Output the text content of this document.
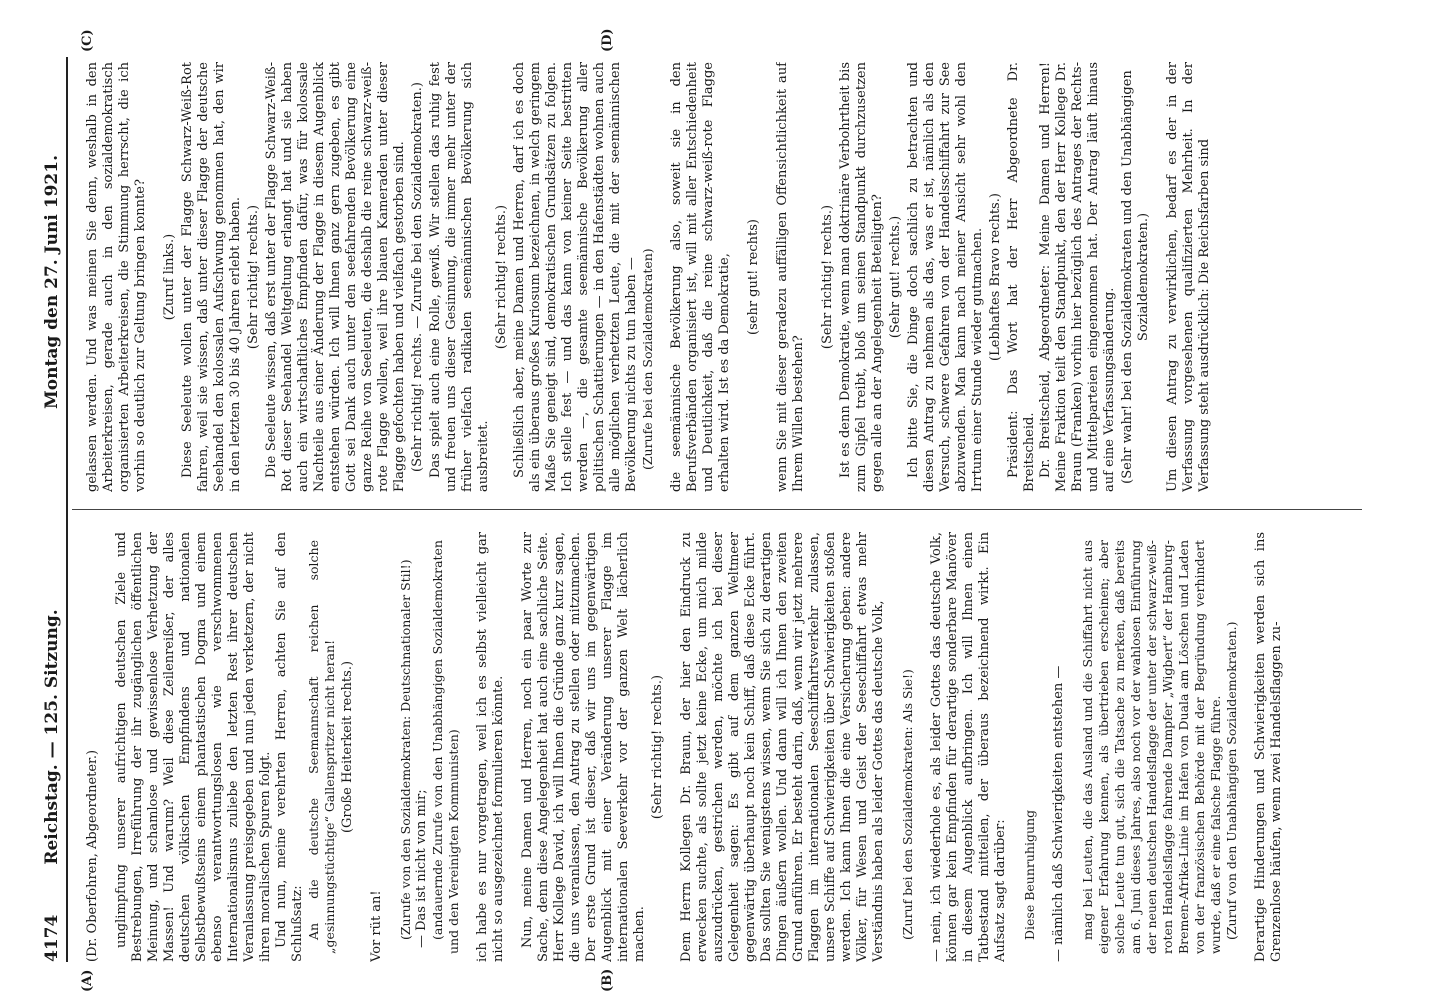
4174
Reichstag. — 125. Sitzung.
Montag den 27. Juni 1921.
(A)	(B)
(C)	(D)

(Dr. Oberfohren, Abgeordneter.) unglimpfung unserer aufrichtigen deutschen Ziele und Bestrebungen, Irreführung der ihr zugänglichen öffentlichen Meinung, und schamlose und gewissenlose Verhetzung der Massen! Und warum? Weil diese Zeilenreißer, der alles deutschen völkischen Empfindens und nationalen Selbstbewußtseins einem phantastischen Dogma und einem ebenso verantwortungslosen wie verschwommenen Internationalismus zuliebe den letzten Rest ihrer deutschen Veranlassung preisgegeben und nun jeden verketzern, der nicht ihren moralischen Spuren folgt. Und nun, meine verehrten Herren, achten Sie auf den Schlußsatz: An die deutsche Seemannschaft reichen solche „gesinnungstüchtige“ Gallenspritzer nicht heran! (Große Heiterkeit rechts.)

Vor rüt an! (Zurufe von den Sozialdemokraten: Deutschnationaler Stil!) — Das ist nicht von mir; (andauernde Zurufe von den Unabhängigen Sozialdemokraten und den Vereinigten Kommunisten) ich habe es nur vorgetragen, weil ich es selbst vielleicht gar nicht so ausgezeichnet formulieren könnte. Nun, meine Damen und Herren, noch ein paar Worte zur Sache, denn diese Angelegenheit hat auch eine sachliche Seite. Herr Kollege David, ich will Ihnen die Gründe ganz kurz sagen, die uns veranlassen, den Antrag zu stellen oder mitzumachen. Der erste Grund ist dieser, daß wir uns im gegenwärtigen Augenblick mit einer Veränderung unserer Flagge im internationalen Seeverkehr vor der ganzen Welt lächerlich machen.

(Sehr richtig! rechts.) Dem Herrn Kollegen Dr. Braun, der hier den Eindruck zu erwecken suchte, als sollte jetzt keine Ecke, um mich milde auszudrücken, gestrichen werden, möchte ich bei dieser Gelegenheit sagen: Es gibt auf dem ganzen Weltmeer gegenwärtig überhaupt noch kein Schiff, daß diese Ecke führt. Das sollten Sie wenigstens wissen, wenn Sie sich zu derartigen Dingen äußern wollen. Und dann will ich Ihnen den zweiten Grund anführen. Er besteht darin, daß, wenn wir jetzt mehrere Flaggen im internationalen Seeschiffahrtsverkehr zulassen, unsere Schiffe auf Schwierigkeiten über Schwierigkeiten stoßen werden. Ich kann Ihnen die eine Versicherung geben: andere Völker, für Wesen und Geist der Seeschiffahrt etwas mehr Verständnis haben als leider Gottes das deutsche Volk, (Zuruf bei den Sozialdemokraten: Als Sie!) — nein, ich wiederhole es, als leider Gottes das deutsche Volk, können gar kein Empfinden für derartige sonderbare Manöver in diesem Augenblick aufbringen. Ich will Ihnen einen Tatbestand mitteilen, der überaus bezeichnend wirkt. Ein Aufsatz sagt darüber: Diese Beunruhigung — nämlich daß Schwierigkeiten entstehen — mag bei Leuten, die das Ausland und die Schiffahrt nicht aus eigener Erfahrung kennen, als übertrieben erscheinen; aber solche Leute tun gut, sich die Tatsache zu merken, daß bereits am 6. Juni dieses Jahres, also noch vor der wahlosen Einführung der neuen deutschen Handelsflagge der unter der schwarz-weiß-roten Handelsflagge fahrende Dampfer „Wigbert“ der Hamburg-Bremen-Afrika-Linie im Hafen von Duala am Löschen und Laden von der französischen Behörde mit der Begründung verhindert wurde, daß er eine falsche Flagge führe. (Zuruf von den Unabhängigen Sozialdemokraten.) Derartige Hinderungen und Schwierigkeiten werden sich ins Grenzenlose häufen, wenn zwei Handelsflaggen zu-

gelassen werden. Und was meinen Sie denn, weshalb in den Arbeiterkreisen, gerade auch in den sozialdemokratisch organisierten Arbeiterkreisen, die Stimmung herrscht, die ich vorhin so deutlich zur Geltung bringen konnte? (Zuruf links.) Diese Seeleute wollen unter der Flagge Schwarz-Weiß-Rot fahren, weil sie wissen, daß unter dieser Flagge der deutsche Seehandel den kolossalen Aufschwung genommen hat, den wir in den letzten 30 bis 40 Jahren erlebt haben. (Sehr richtig! rechts.) Die Seeleute wissen, daß erst unter der Flagge Schwarz-Weiß-Rot dieser Seehandel Weltgeltung erlangt hat und sie haben auch ein wirtschaftliches Empfinden dafür, was für kolossale Nachteile aus einer Änderung der Flagge in diesem Augenblick entstehen würden. Ich will Ihnen ganz gern zugeben, es gibt Gott sei Dank auch unter den seefahrenden Bevölkerung eine ganze Reihe von Seeleuten, die deshalb die reine schwarz-weiß-rote Flagge wollen, weil ihre blauen Kameraden unter dieser Flagge gefochten haben und vielfach gestorben sind. (Sehr richtig! rechts. — Zurufe bei den Sozialdemokraten.) Das spielt auch eine Rolle, gewiß. Wir stellen das ruhig fest und freuen uns dieser Gesinnung, die immer mehr unter der früher vielfach radikalen seemännischen Bevölkerung sich ausbreitet.

(Sehr richtig! rechts.) Schließlich aber, meine Damen und Herren, darf ich es doch als ein überaus großes Kuriosum bezeichnen, in welch geringem Maße Sie geneigt sind, demokratischen Grundsätzen zu folgen. Ich stelle fest — und das kann von keiner Seite bestritten werden —, die gesamte seemännische Bevölkerung aller politischen Schattierungen — in den Hafenstädten wohnen auch alle möglichen verhetzten Leute, die mit der seemännischen Bevölkerung nichts zu tun haben — (Zurufe bei den Sozialdemokraten) die seemännische Bevölkerung also, soweit sie in den Berufsverbänden organisiert ist, will mit aller Entschiedenheit und Deutlichkeit, daß die reine schwarz-weiß-rote Flagge erhalten wird. Ist es da Demokratie, (sehr gut! rechts) wenn Sie mit dieser geradezu auffälligen Offensichtlichkeit auf Ihrem Willen bestehen?

(Sehr richtig! rechts.) Ist es denn Demokratie, wenn man doktrinäre Verbohrtheit bis zum Gipfel treibt, bloß um seinen Standpunkt durchzusetzen gegen alle an der Angelegenheit Beteiligten? (Sehr gut! rechts.) Ich bitte Sie, die Dinge doch sachlich zu betrachten und diesen Antrag zu nehmen als das, was er ist, nämlich als den Versuch, schwere Gefahren von der Handelsschiffahrt zur See abzuwenden. Man kann nach meiner Ansicht sehr wohl den Irrtum einer Stunde wieder gutmachen. (Lebhaftes Bravo rechts.) Präsident: Das Wort hat der Herr Abgeordnete Dr. Breitscheid. Dr. Breitscheid, Abgeordneter: Meine Damen und Herren! Meine Fraktion teilt den Standpunkt, den der Herr Kollege Dr. Braun (Franken) vorhin hier bezüglich des Antrages der Rechts- und Mittelparteien eingenommen hat. Der Antrag läuft hinaus auf eine Verfassungsänderung. (Sehr wahr! bei den Sozialdemokraten und den Unabhängigen Sozialdemokraten.) Um diesen Antrag zu verwirklichen, bedarf es der in der Verfassung vorgesehenen qualifizierten Mehrheit. In der Verfassung steht ausdrücklich: Die Reichsfarben sind
